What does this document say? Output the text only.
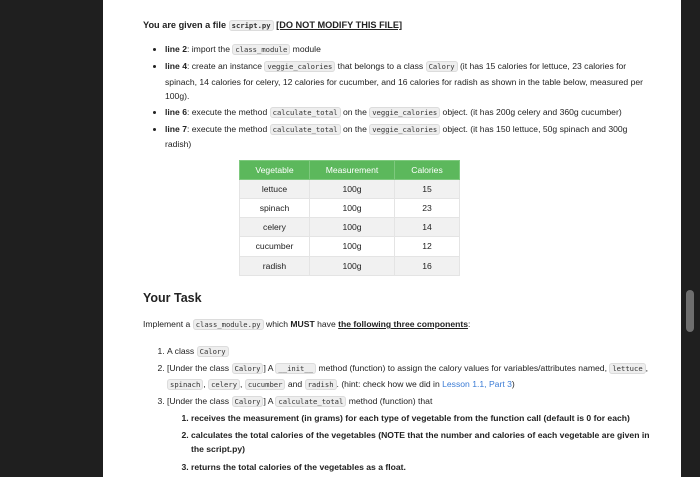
You are given a file script.py [DO NOT MODIFY THIS FILE]

• line 2: import the class_module module
• line 4: create an instance veggie_calories that belongs to a class Calory (it has 15 calories for lettuce, 23 calories for spinach, 14 calories for celery, 12 calories for cucumber, and 16 calories for radish as shown in the table below, measured per 100g).
• line 6: execute the method calculate_total on the veggie_calories object. (it has 200g celery and 360g cucumber)
• line 7: execute the method calculate_total on the veggie_calories object. (it has 150 lettuce, 50g spinach and 300g radish)
Vegetable	Measurement	Calories
lettuce	100g	15
spinach	100g	23
celery	100g	14
cucumber	100g	12
radish	100g	16
Your Task

Implement a class_module.py which MUST have the following three components:

1. A class Calory
2. [Under the class Calory ] A __init__ method (function) to assign the calory values for variables/attributes named, lettuce , spinach , celery , cucumber and radish . (hint: check how we did in Lesson 1.1, Part 3)
3. [Under the class Calory ] A calculate_total method (function) that
1. receives the measurement (in grams) for each type of vegetable from the function call (default is 0 for each)
2. calculates the total calories of the vegetables (NOTE that the number and calories of each vegetable are given in the script.py)
3. returns the total calories of the vegetables as a float.
